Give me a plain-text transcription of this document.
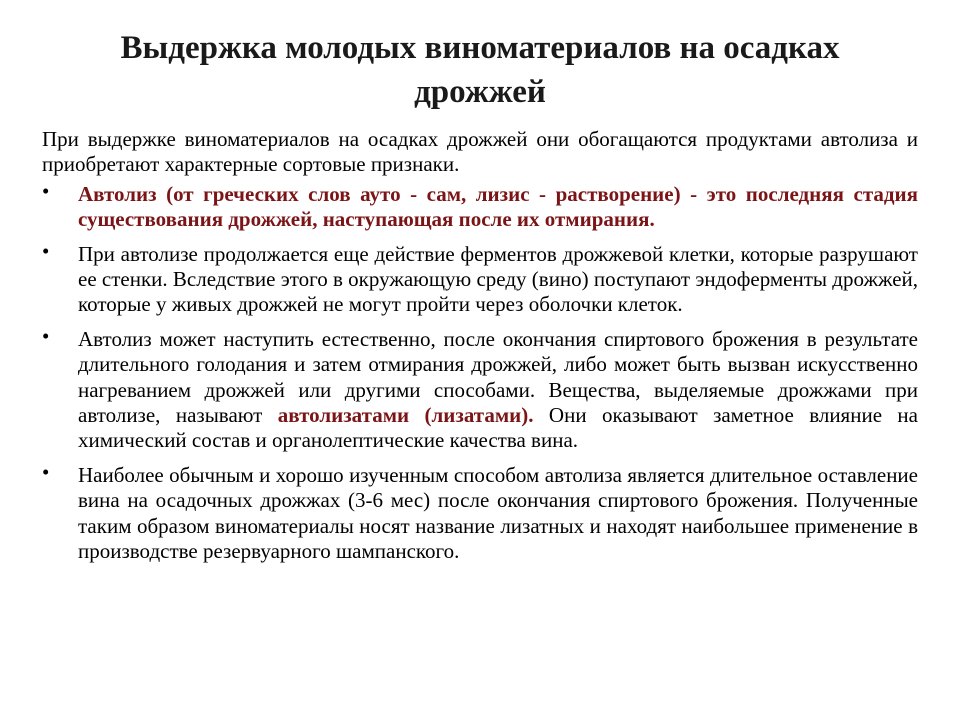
Выдержка молодых виноматериалов на осадках дрожжей

При выдержке виноматериалов на осадках дрожжей они обогащаются продуктами автолиза и приобретают характерные сортовые признаки.

• Автолиз (от греческих слов ауто - сам, лизис - растворение) - это последняя стадия существования дрожжей, наступающая после их отмирания.
• При автолизе продолжается еще действие ферментов дрожжевой клетки, которые разрушают ее стенки. Вследствие этого в окружающую среду (вино) поступают эндоферменты дрожжей, которые у живых дрожжей не могут пройти через оболочки клеток.
• Автолиз может наступить естественно, после окончания спиртового брожения в результате длительного голодания и затем отмирания дрожжей, либо может быть вызван искусственно нагреванием дрожжей или другими способами. Вещества, выделяемые дрожжами при автолизе, называют автолизатами (лизатами). Они оказывают заметное влияние на химический состав и органолептические качества вина.
• Наиболее обычным и хорошо изученным способом автолиза является длительное оставление вина на осадочных дрожжах (3-6 мес) после окончания спиртового брожения. Полученные таким образом виноматериалы носят название лизатных и находят наибольшее применение в производстве резервуарного шампанского.
